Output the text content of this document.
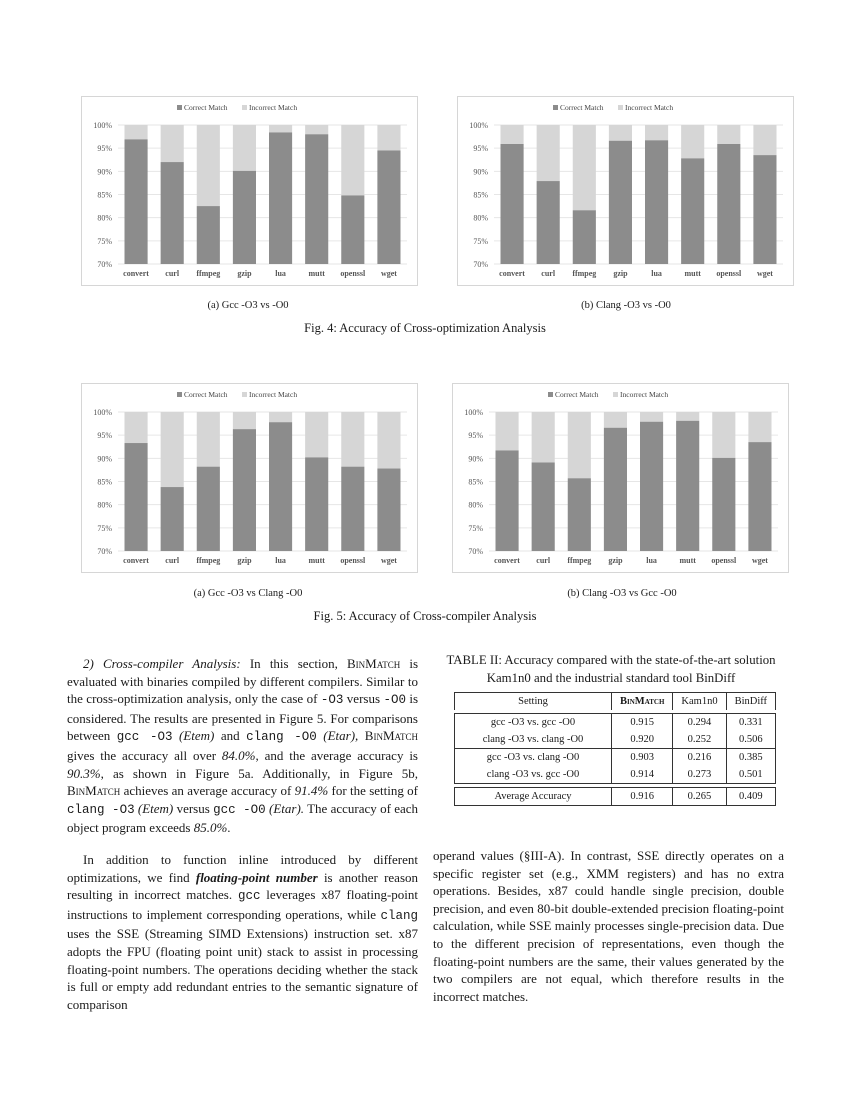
Correct Match	Incorrect Match
70%
75%
80%
85%
90%
95%
100%
convert curl ffmpeg gzip	lua	mutt openssl wget
Correct Match	Incorrect Match
70%
75%
80%
85%
90%
95%
100%
convert curl ffmpeg gzip	lua	mutt openssl wget
Correct Match	Incorrect Match
70%
75%
80%
85%
90%
95%
100%
convert curl ffmpeg gzip	lua	mutt openssl wget
Correct Match	Incorrect Match
70%
75%
80%
85%
90%
95%
100%
convert curl ffmpeg gzip	lua	mutt openssl wget
(a) Gcc -O3 vs -O0	(b) Clang -O3 vs -O0
Fig. 4: Accuracy of Cross-optimization Analysis
(a) Gcc -O3 vs Clang -O0	(b) Clang -O3 vs Gcc -O0
Fig. 5: Accuracy of Cross-compiler Analysis

2) Cross-compiler Analysis: In this section, BinMatch is evaluated with binaries compiled by different compilers. Similar to the cross-optimization analysis, only the case of -O3 versus -O0 is considered. The results are presented in Figure 5. For comparisons between gcc -O3 (Etem) and clang -O0 (Etar), BinMatch gives the accuracy all over 84.0%, and the average accuracy is 90.3%, as shown in Figure 5a. Additionally, in Figure 5b, BinMatch achieves an average accuracy of 91.4% for the setting of clang -O3 (Etem) versus gcc -O0 (Etar). The accuracy of each object program exceeds 85.0%.

In addition to function inline introduced by different optimizations, we find floating-point number is another reason resulting in incorrect matches. gcc leverages x87 floating-point instructions to implement corresponding operations, while clang uses the SSE (Streaming SIMD Extensions) instruction set. x87 adopts the FPU (floating point unit) stack to assist in processing floating-point numbers. The operations deciding whether the stack is full or empty add redundant entries to the semantic signature of comparison

TABLE II: Accuracy compared with the state-of-the-art solution Kam1n0 and the industrial standard tool BinDiff
Setting	BinMatch	Kam1n0	BinDiff

gcc -O3 vs. gcc -O0	0.915	0.294	0.331
clang -O3 vs. clang -O0	0.920	0.252	0.506
gcc -O3 vs. clang -O0	0.903	0.216	0.385
clang -O3 vs. gcc -O0	0.914	0.273	0.501

Average Accuracy	0.916	0.265	0.409
operand values (§III-A). In contrast, SSE directly operates on a specific register set (e.g., XMM registers) and has no extra operations. Besides, x87 could handle single precision, double precision, and even 80-bit double-extended precision floating-point calculation, while SSE mainly processes single-precision data. Due to the different precision of representations, even though the floating-point numbers are the same, their values generated by the two compilers are not equal, which therefore results in the incorrect matches.
